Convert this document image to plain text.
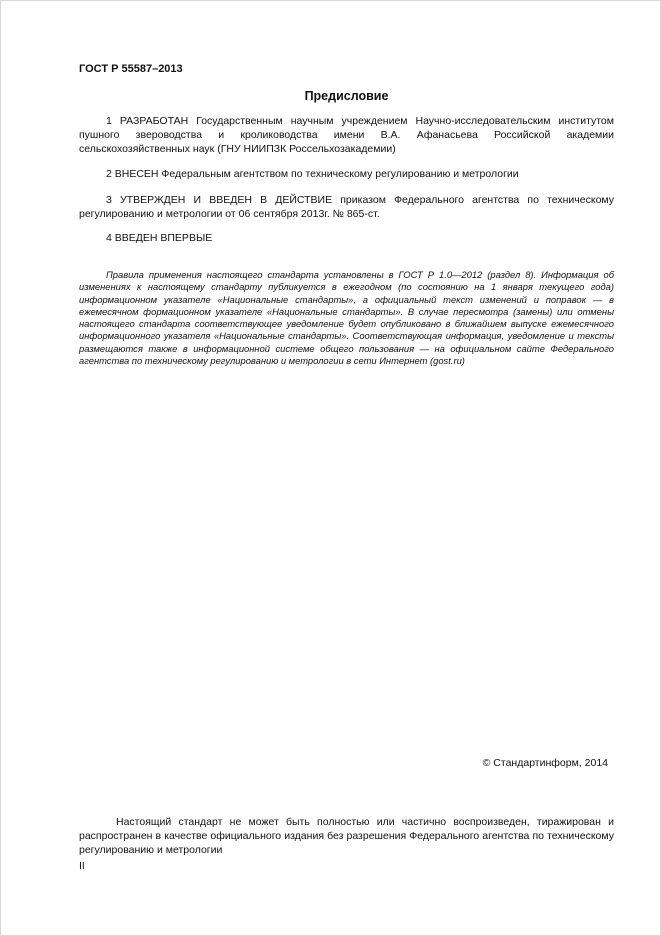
ГОСТ Р 55587–2013
Предисловие

1 РАЗРАБОТАН Государственным научным учреждением Научно-исследовательским институтом пушного звероводства и кролиководства имени В.А. Афанасьева Российской академии сельскохозяйственных наук (ГНУ НИИПЗК Россельхозакадемии)

2 ВНЕСЕН Федеральным агентством по техническому регулированию и метрологии

3 УТВЕРЖДЕН И ВВЕДЕН В ДЕЙСТВИЕ приказом Федерального агентства по техническому регулированию и метрологии от 06 сентября 2013г. № 865-ст.

4 ВВЕДЕН ВПЕРВЫЕ

Правила применения настоящего стандарта установлены в ГОСТ Р 1.0—2012 (раздел 8). Информация об изменениях к настоящему стандарту публикуется в ежегодном (по состоянию на 1 января текущего года) информационном указателе «Национальные стандарты», а официальный текст изменений и поправок — в ежемесячном формационном указателе «Национальные стандарты». В случае пересмотра (замены) или отмены настоящего стандарта соответствующее уведомление будет опубликовано в ближайшем выпуске ежемесячного информационного указателя «Национальные стандарты». Соответствующая информация, уведомление и тексты размещаются также в информационной системе общего пользования — на официальном сайте Федерального агентства по техническому регулированию и метрологии в сети Интернет (gost.ru)

© Стандартинформ, 2014

Настоящий стандарт не может быть полностью или частично воспроизведен, тиражирован и распространен в качестве официального издания без разрешения Федерального агентства по техническому регулированию и метрологии

II
